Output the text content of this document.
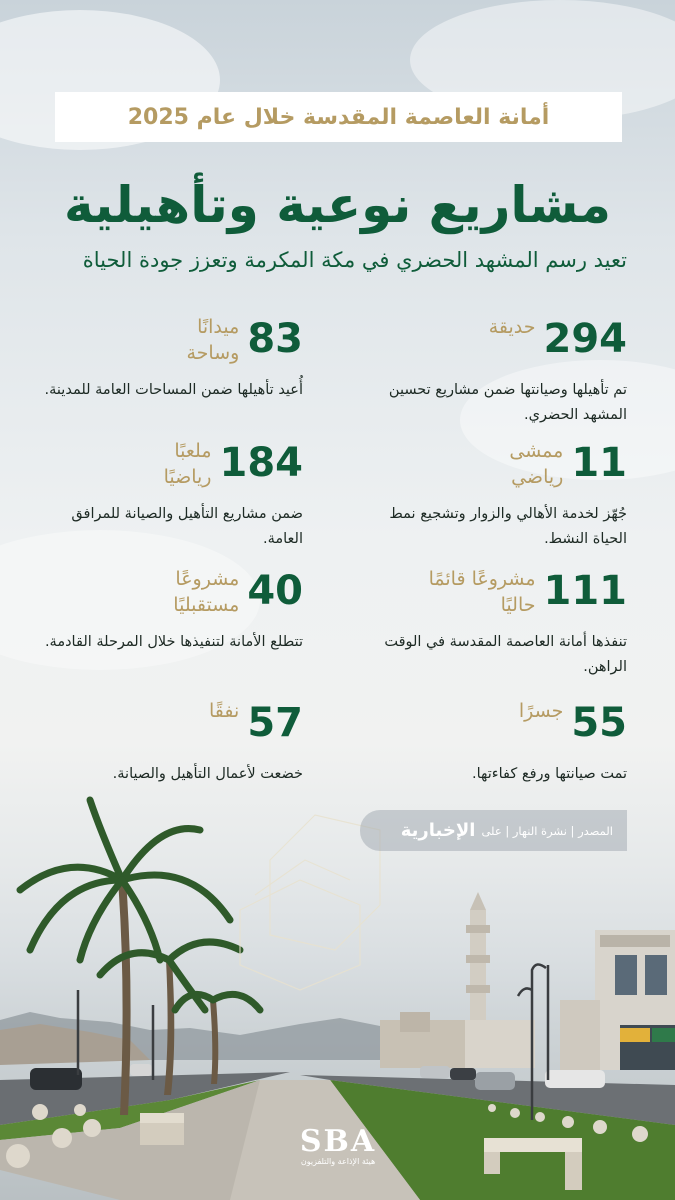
أمانة العاصمة المقدسة خلال عام 2025
مشاريع نوعية وتأهيلية
تعيد رسم المشهد الحضري في مكة المكرمة وتعزز جودة الحياة
294
حديقة
تم تأهيلها وصيانتها ضمن مشاريع تحسين المشهد الحضري.
83
ميدانًا
وساحة
أُعيد تأهيلها ضمن المساحات العامة للمدينة.
11
ممشى
رياضي
جُهّز لخدمة الأهالي والزوار وتشجيع نمط الحياة النشط.
184
ملعبًا
رياضيًا
ضمن مشاريع التأهيل والصيانة للمرافق العامة.
111
مشروعًا قائمًا
حاليًا
تنفذها أمانة العاصمة المقدسة في الوقت الراهن.
40
مشروعًا
مستقبليًا
تتطلع الأمانة لتنفيذها خلال المرحلة القادمة.
55
جسرًا
تمت صيانتها ورفع كفاءتها.
57
نفقًا
خضعت لأعمال التأهيل والصيانة.
المصدر | نشرة النهار | على
الإخبارية
SBA
هيئة الإذاعة والتلفزيون
